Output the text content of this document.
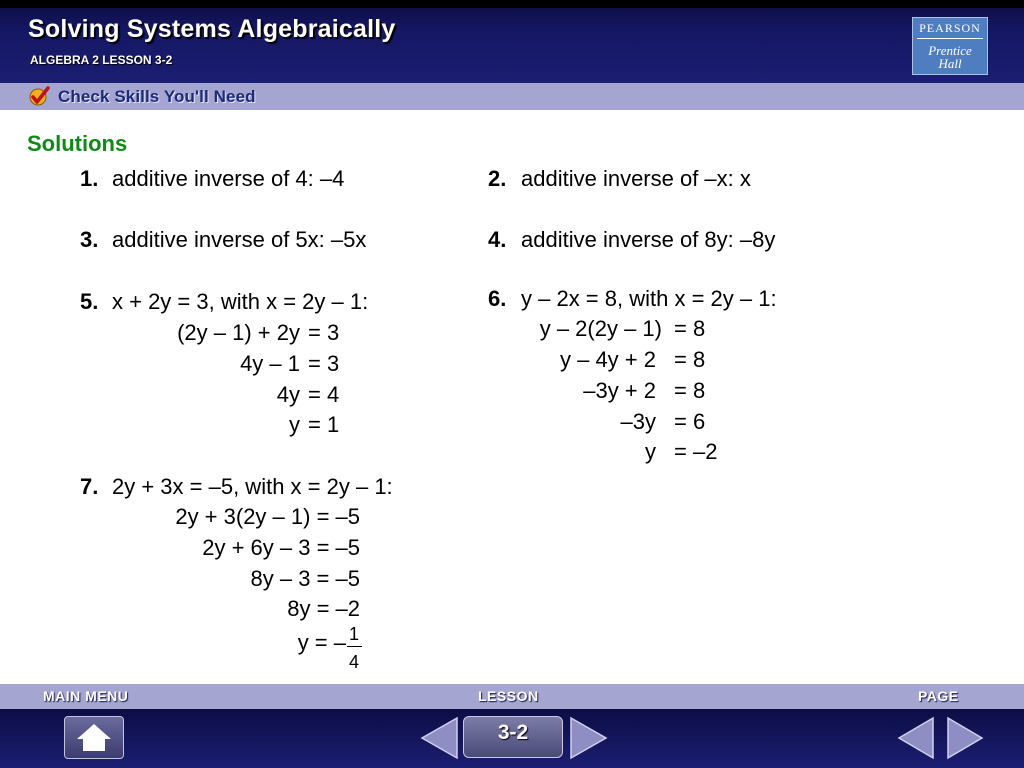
Solving Systems Algebraically
ALGEBRA 2 LESSON 3-2
PEARSON
Prentice
Hall
Check Skills You'll Need
Solutions
1. additive inverse of 4: –4	2. additive inverse of –x: x
3. additive inverse of 5x: –5x	4. additive inverse of 8y: –8y
5. x + 2y = 3, with x = 2y – 1:
(2y – 1) + 2y = 3
4y – 1 = 3
4y = 4
y = 1
6. y – 2x = 8, with x = 2y – 1:
y – 2(2y – 1) = 8
y – 4y + 2 = 8
–3y + 2 = 8
–3y = 6
y = –2
7. 2y + 3x = –5, with x = 2y – 1:
2y + 3(2y – 1) = –5
2y + 6y – 3 = –5
8y – 3 = –5
8y = –2
y = – 1
4
MAIN MENU	LESSON	PAGE
3-2
